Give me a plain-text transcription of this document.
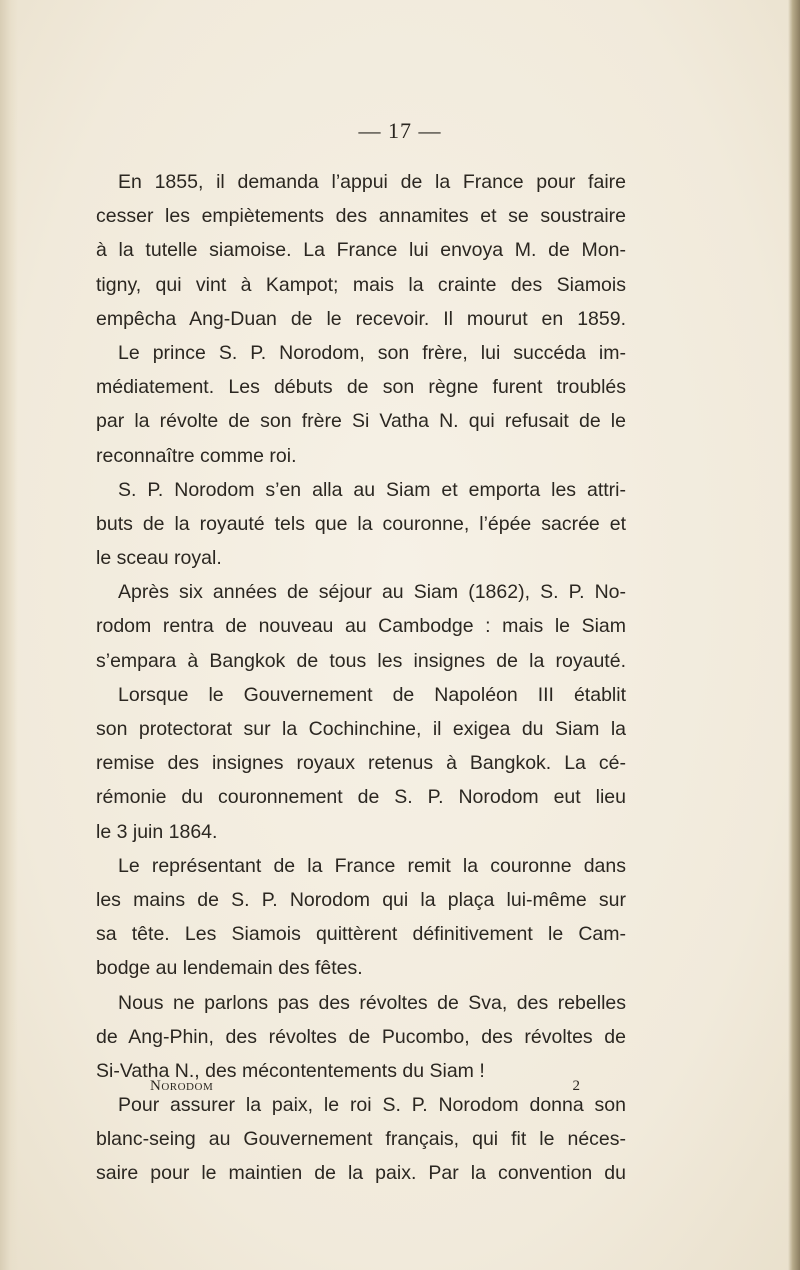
— 17 —
En 1855, il demanda l’appui de la France pour faire
cesser les empiètements des annamites et se soustraire
à la tutelle siamoise. La France lui envoya M. de Mon-
tigny, qui vint à Kampot; mais la crainte des Siamois
empêcha Ang-Duan de le recevoir. Il mourut en 1859.
Le prince S. P. Norodom, son frère, lui succéda im-
médiatement. Les débuts de son règne furent troublés
par la révolte de son frère Si Vatha N. qui refusait de le
reconnaître comme roi.
S. P. Norodom s’en alla au Siam et emporta les attri-
buts de la royauté tels que la couronne, l’épée sacrée et
le sceau royal.
Après six années de séjour au Siam (1862), S. P. No-
rodom rentra de nouveau au Cambodge : mais le Siam
s’empara à Bangkok de tous les insignes de la royauté.
Lorsque le Gouvernement de Napoléon III établit
son protectorat sur la Cochinchine, il exigea du Siam la
remise des insignes royaux retenus à Bangkok. La cé-
rémonie du couronnement de S. P. Norodom eut lieu
le 3 juin 1864.
Le représentant de la France remit la couronne dans
les mains de S. P. Norodom qui la plaça lui-même sur
sa tête. Les Siamois quittèrent définitivement le Cam-
bodge au lendemain des fêtes.
Nous ne parlons pas des révoltes de Sva, des rebelles
de Ang-Phin, des révoltes de Pucombo, des révoltes de
Si-Vatha N., des mécontentements du Siam !
Pour assurer la paix, le roi S. P. Norodom donna son
blanc-seing au Gouvernement français, qui fit le néces-
saire pour le maintien de la paix. Par la convention du
Norodom	2
